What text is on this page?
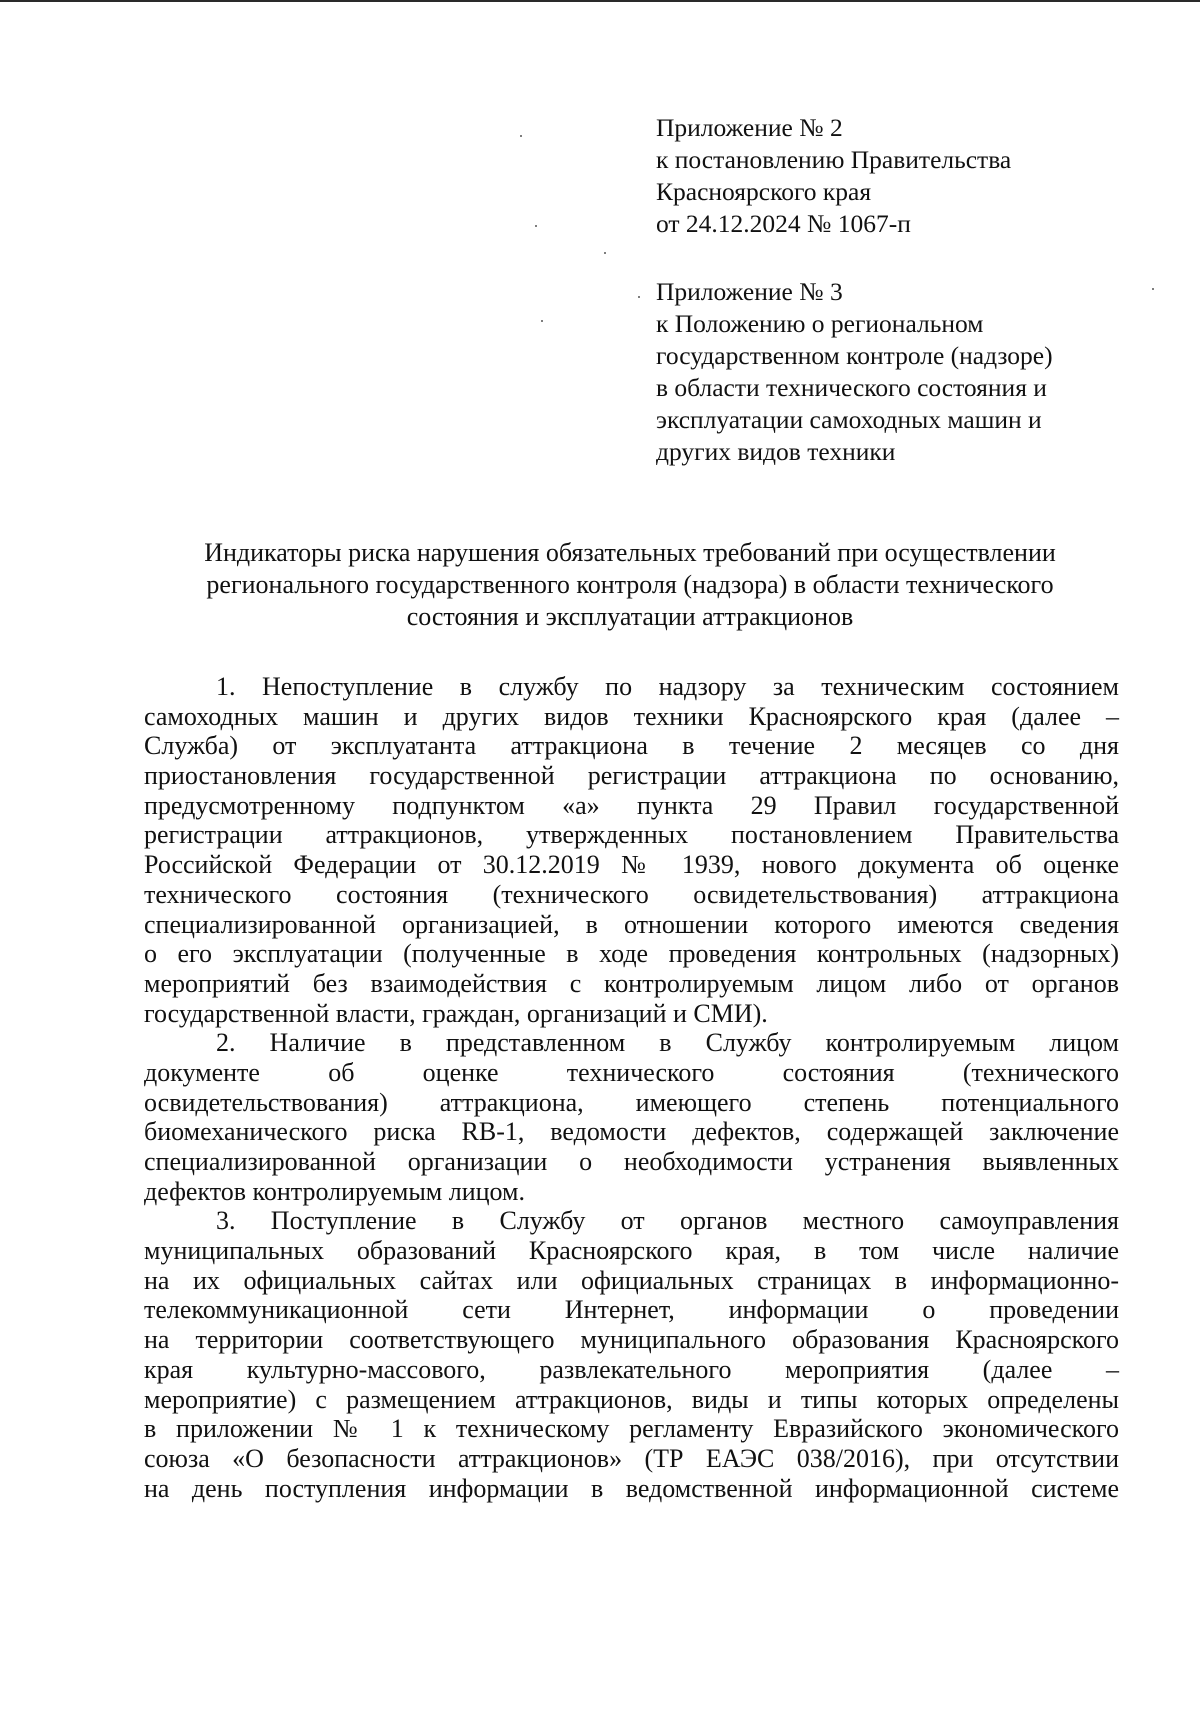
Приложение № 2
к постановлению Правительства
Красноярского края
от 24.12.2024 № 1067-п
Приложение № 3
к Положению о региональном
государственном контроле (надзоре)
в области технического состояния и
эксплуатации самоходных машин и
других видов техники
Индикаторы риска нарушения обязательных требований при осуществлении
регионального государственного контроля (надзора) в области технического
состояния и эксплуатации аттракционов
1. Непоступление в службу по надзору за техническим состоянием
самоходных машин и других видов техники Красноярского края (далее –
Служба) от эксплуатанта аттракциона в течение 2 месяцев со дня
приостановления государственной регистрации аттракциона по основанию,
предусмотренному подпунктом «а» пункта 29 Правил государственной
регистрации аттракционов, утвержденных постановлением Правительства
Российской Федерации от 30.12.2019 № 1939, нового документа об оценке
технического состояния (технического освидетельствования) аттракциона
специализированной организацией, в отношении которого имеются сведения
о его эксплуатации (полученные в ходе проведения контрольных (надзорных)
мероприятий без взаимодействия с контролируемым лицом либо от органов
государственной власти, граждан, организаций и СМИ).
2. Наличие в представленном в Службу контролируемым лицом
документе об оценке технического состояния (технического
освидетельствования) аттракциона, имеющего степень потенциального
биомеханического риска RB-1, ведомости дефектов, содержащей заключение
специализированной организации о необходимости устранения выявленных
дефектов контролируемым лицом.
3. Поступление в Службу от органов местного самоуправления
муниципальных образований Красноярского края, в том числе наличие
на их официальных сайтах или официальных страницах в информационно-
телекоммуникационной сети Интернет, информации о проведении
на территории соответствующего муниципального образования Красноярского
края культурно-массового, развлекательного мероприятия (далее –
мероприятие) с размещением аттракционов, виды и типы которых определены
в приложении № 1 к техническому регламенту Евразийского экономического
союза «О безопасности аттракционов» (ТР ЕАЭС 038/2016), при отсутствии
на день поступления информации в ведомственной информационной системе
